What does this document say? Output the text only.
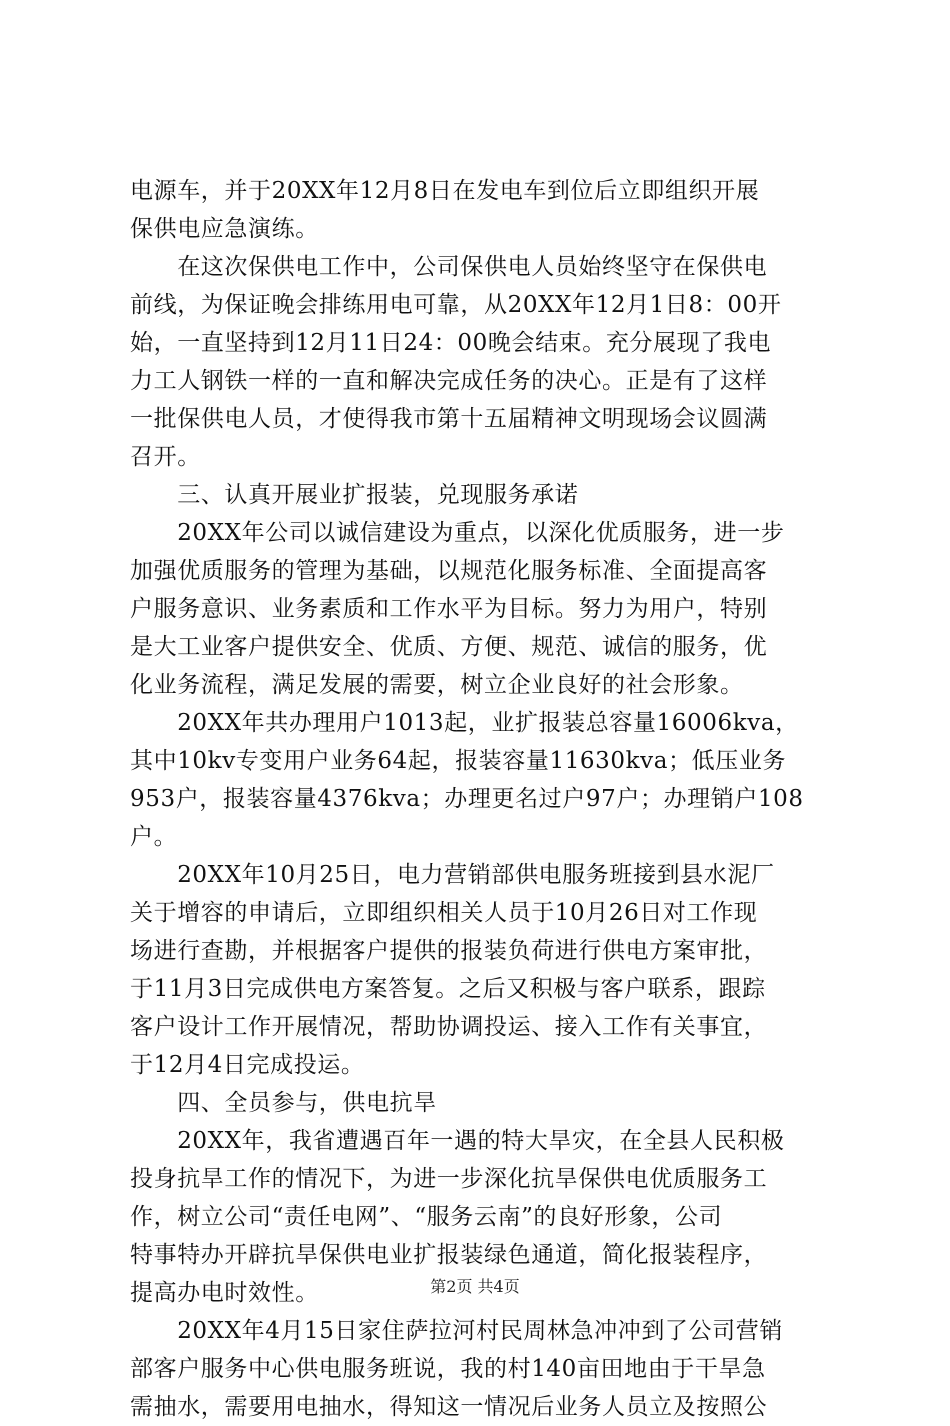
电源车，并于20XX年12月8日在发电车到位后立即组织开展
保供电应急演练。
　　在这次保供电工作中，公司保供电人员始终坚守在保供电
前线，为保证晚会排练用电可靠，从20XX年12月1日8：00开
始，一直坚持到12月11日24：00晚会结束。充分展现了我电
力工人钢铁一样的一直和解决完成任务的决心。正是有了这样
一批保供电人员，才使得我市第十五届精神文明现场会议圆满
召开。
　　三、认真开展业扩报装，兑现服务承诺
　　20XX年公司以诚信建设为重点，以深化优质服务，进一步
加强优质服务的管理为基础，以规范化服务标准、全面提高客
户服务意识、业务素质和工作水平为目标。努力为用户，特别
是大工业客户提供安全、优质、方便、规范、诚信的服务，优
化业务流程，满足发展的需要，树立企业良好的社会形象。
　　20XX年共办理用户1013起，业扩报装总容量16006kva，
其中10kv专变用户业务64起，报装容量11630kva；低压业务
953户，报装容量4376kva；办理更名过户97户；办理销户108
户。
　　20XX年10月25日，电力营销部供电服务班接到县水泥厂
关于增容的申请后，立即组织相关人员于10月26日对工作现
场进行查勘，并根据客户提供的报装负荷进行供电方案审批，
于11月3日完成供电方案答复。之后又积极与客户联系，跟踪
客户设计工作开展情况，帮助协调投运、接入工作有关事宜，
于12月4日完成投运。
　　四、全员参与，供电抗旱
　　20XX年，我省遭遇百年一遇的特大旱灾，在全县人民积极
投身抗旱工作的情况下，为进一步深化抗旱保供电优质服务工
作，树立公司“责任电网”、“服务云南”的良好形象，公司
特事特办开辟抗旱保供电业扩报装绿色通道，简化报装程序，
提高办电时效性。
　　20XX年4月15日家住萨拉河村民周林急冲冲到了公司营销
部客户服务中心供电服务班说，我的村140亩田地由于干旱急
需抽水，需要用电抽水，得知这一情况后业务人员立及按照公
第2页 共4页
